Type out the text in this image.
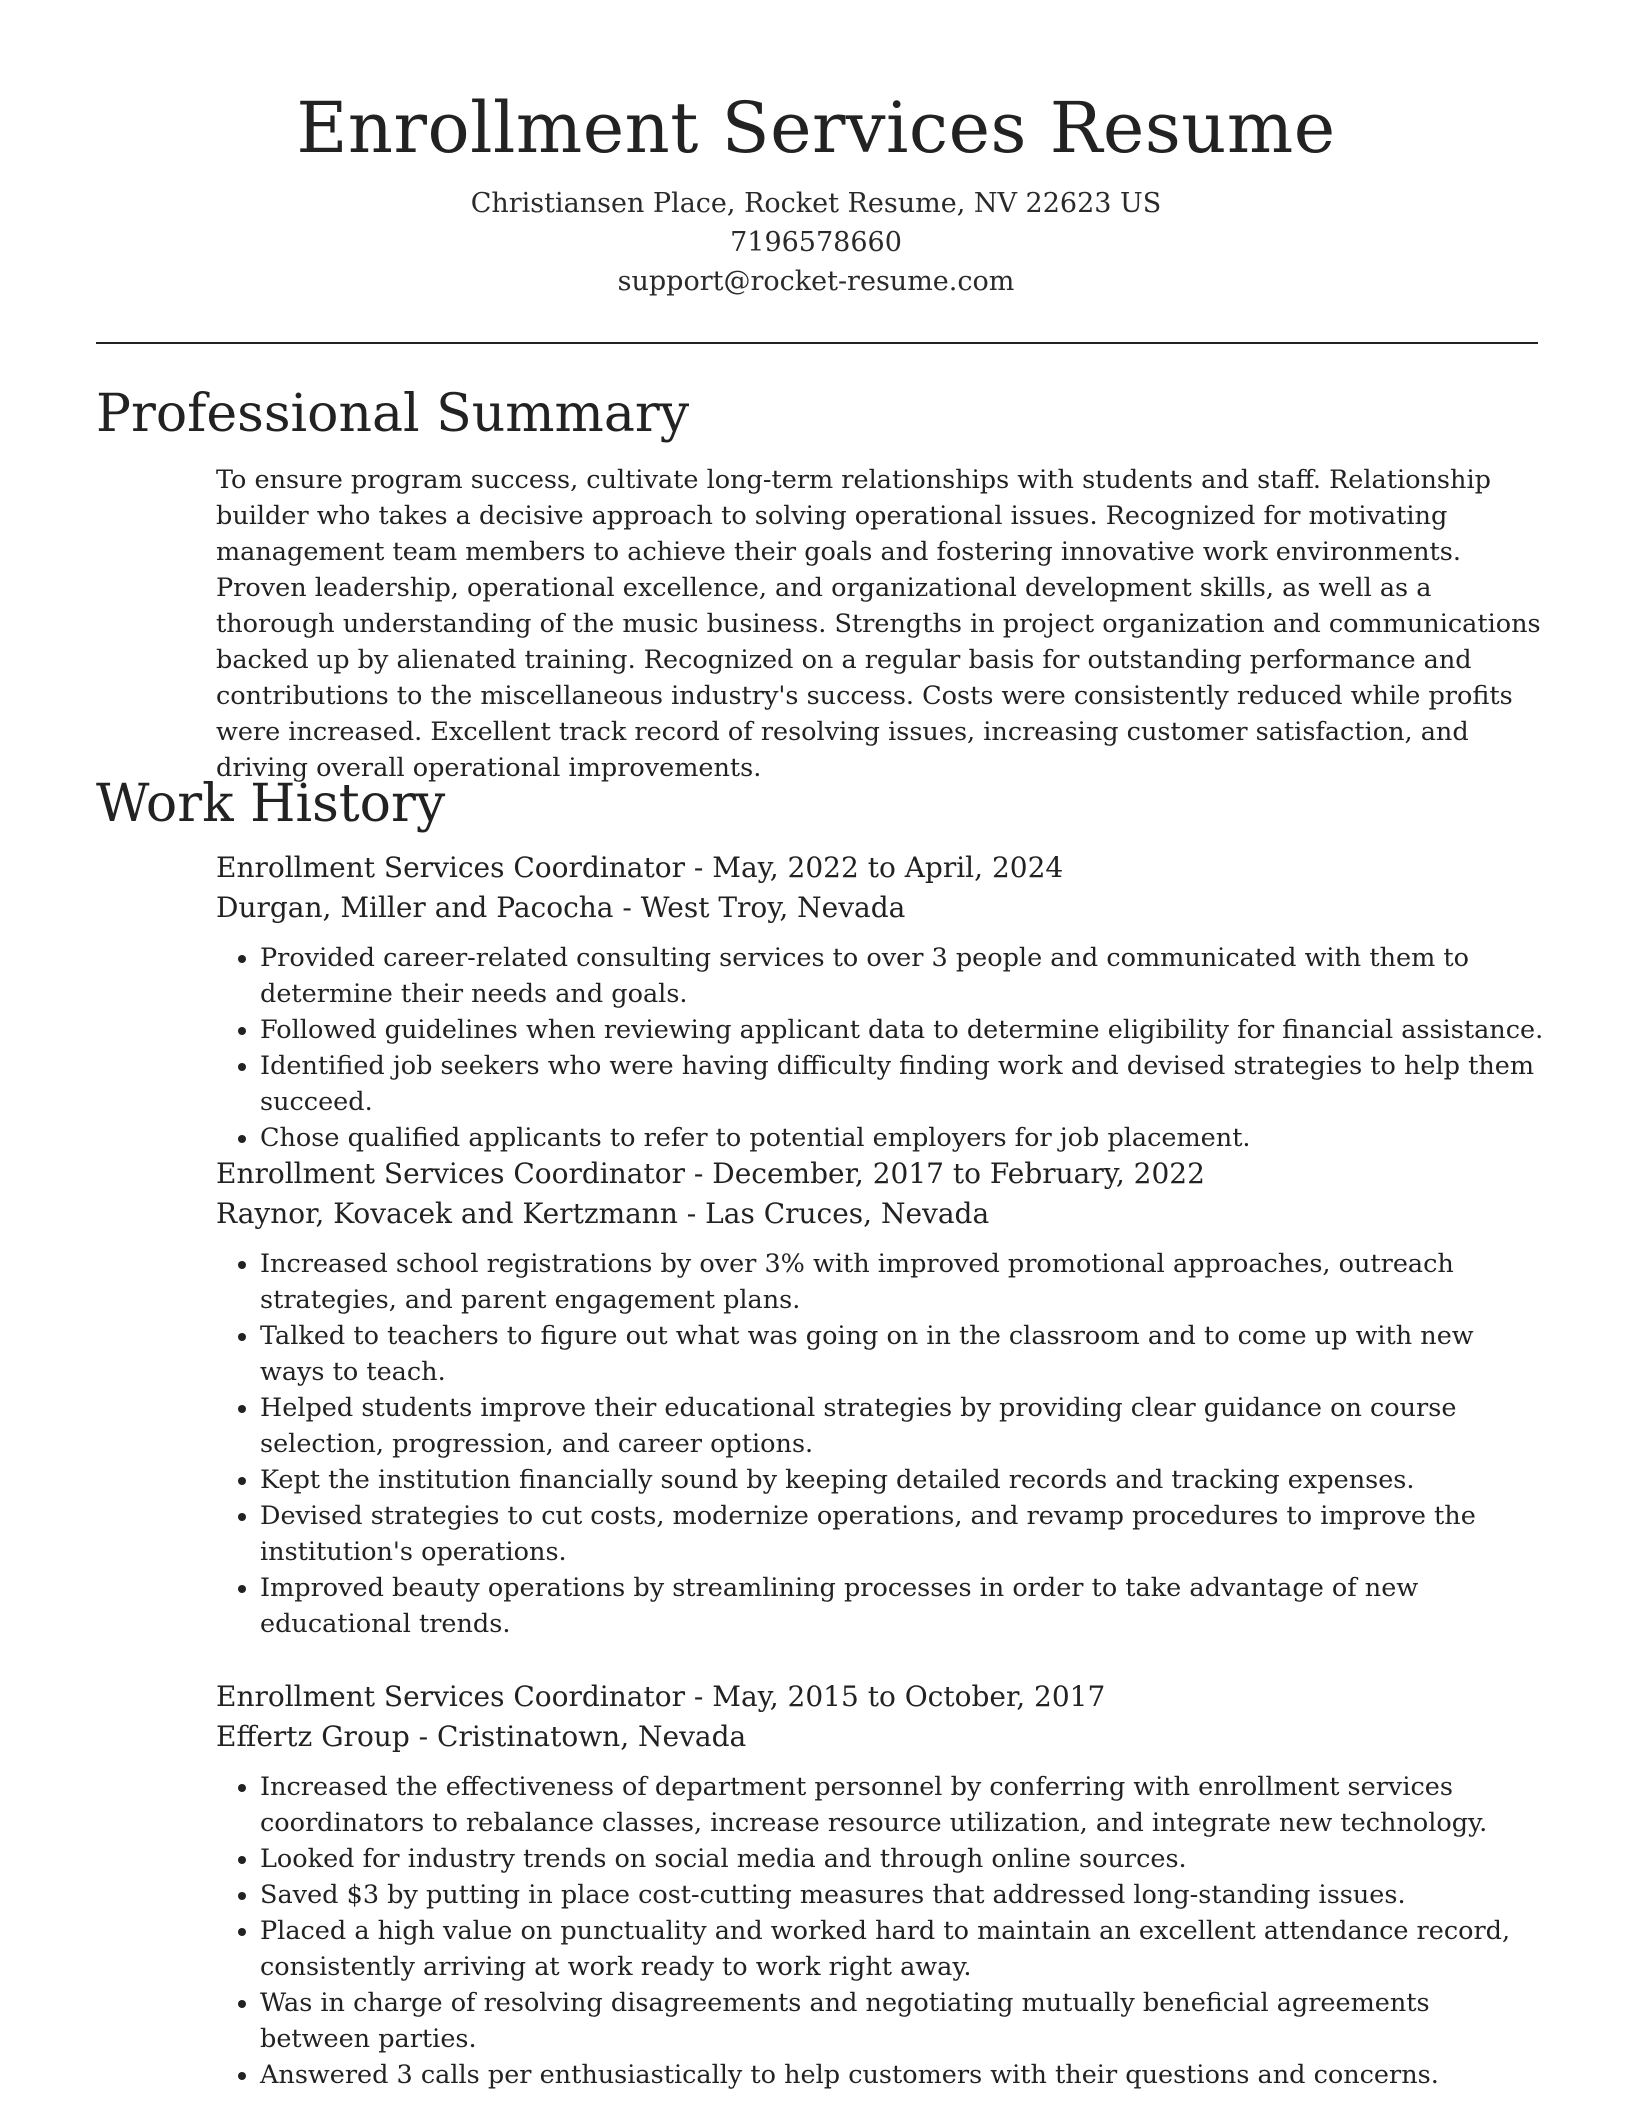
Enrollment Services Resume
Christiansen Place, Rocket Resume, NV 22623 US
7196578660
support@rocket-resume.com
Professional Summary

To ensure program success, cultivate long-term relationships with students and staff. Relationship builder who takes a decisive approach to solving operational issues. Recognized for motivating management team members to achieve their goals and fostering innovative work environments. Proven leadership, operational excellence, and organizational development skills, as well as a thorough understanding of the music business. Strengths in project organization and communications backed up by alienated training. Recognized on a regular basis for outstanding performance and contributions to the miscellaneous industry's success. Costs were consistently reduced while profits were increased. Excellent track record of resolving issues, increasing customer satisfaction, and driving overall operational improvements.

Work History
Enrollment Services Coordinator - May, 2022 to April, 2024
Durgan, Miller and Pacocha - West Troy, Nevada
• Provided career-related consulting services to over 3 people and communicated with them to determine their needs and goals.
• Followed guidelines when reviewing applicant data to determine eligibility for financial assistance.
• Identified job seekers who were having difficulty finding work and devised strategies to help them succeed.
• Chose qualified applicants to refer to potential employers for job placement.
Enrollment Services Coordinator - December, 2017 to February, 2022
Raynor, Kovacek and Kertzmann - Las Cruces, Nevada
• Increased school registrations by over 3% with improved promotional approaches, outreach strategies, and parent engagement plans.
• Talked to teachers to figure out what was going on in the classroom and to come up with new ways to teach.
• Helped students improve their educational strategies by providing clear guidance on course selection, progression, and career options.
• Kept the institution financially sound by keeping detailed records and tracking expenses.
• Devised strategies to cut costs, modernize operations, and revamp procedures to improve the institution's operations.
• Improved beauty operations by streamlining processes in order to take advantage of new educational trends.
Enrollment Services Coordinator - May, 2015 to October, 2017
Effertz Group - Cristinatown, Nevada
• Increased the effectiveness of department personnel by conferring with enrollment services coordinators to rebalance classes, increase resource utilization, and integrate new technology.
• Looked for industry trends on social media and through online sources.
• Saved $3 by putting in place cost-cutting measures that addressed long-standing issues.
• Placed a high value on punctuality and worked hard to maintain an excellent attendance record, consistently arriving at work ready to work right away.
• Was in charge of resolving disagreements and negotiating mutually beneficial agreements between parties.
• Answered 3 calls per enthusiastically to help customers with their questions and concerns.
